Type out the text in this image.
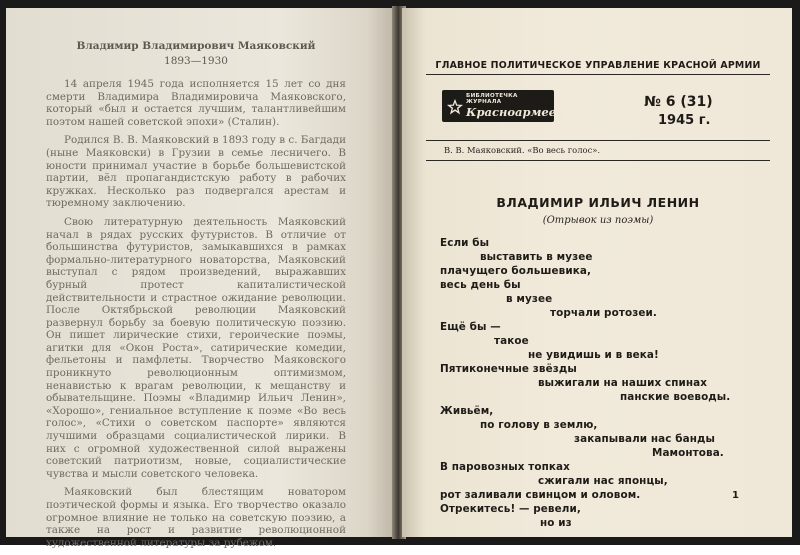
Владимир Владимирович Маяковский
1893—1930

14 апреля 1945 года исполняется 15 лет со дня смерти Владимира Владимировича Маяковского, который «был и остается лучшим, талантливейшим поэтом нашей советской эпохи» (Сталин).

Родился В. В. Маяковский в 1893 году в с. Багдади (ныне Маяковски) в Грузии в семье лесничего. В юности принимал участие в борьбе большевистской партии, вёл пропагандистскую работу в рабочих кружках. Несколько раз подвергался арестам и тюремному заключению.

Свою литературную деятельность Маяковский начал в рядах русских футуристов. В отличие от большинства футуристов, замыкавшихся в рамках формально-литературного новаторства, Маяковский выступал с рядом произведений, выражавших бурный протест капиталистической действительности и страстное ожидание революции. После Октябрьской революции Маяковский развернул борьбу за боевую политическую поэзию. Он пишет лирические стихи, героические поэмы, агитки для «Окон Роста», сатирические комедии, фельетоны и памфлеты. Творчество Маяковского проникнуто революционным оптимизмом, ненавистью к врагам революции, к мещанству и обывательщине. Поэмы «Владимир Ильич Ленин», «Хорошо», гениальное вступление к поэме «Во весь голос», «Стихи о советском паспорте» являются лучшими образцами социалистической лирики. В них с огромной художественной силой выражены советский патриотизм, новые, социалистические чувства и мысли советского человека.

Маяковский был блестящим новатором поэтической формы и языка. Его творчество оказало огромное влияние не только на советскую поэзию, а также на рост и развитие революционной художественной литературы за рубежом.

ГЛАВНОЕ ПОЛИТИЧЕСКОЕ УПРАВЛЕНИЕ КРАСНОЙ АРМИИ
БИБЛИОТЕЧКА ЖУРНАЛА
Красноармеец
№ 6 (31)
1945 г.
В. В. Маяковский. «Во весь голос».
ВЛАДИМИР ИЛЬИЧ ЛЕНИН
(Отрывок из поэмы)
Если бы
выставить в музее
плачущего большевика,
весь день бы
в музее
торчали ротозеи.
Ещё бы —
такое
не увидишь и в века!
Пятиконечные звёзды
выжигали на наших спинах
панские воеводы.
Живьём,
по голову в землю,
закапывали нас банды
Мамонтова.
В паровозных топках
сжигали нас японцы,
рот заливали свинцом и оловом.
Отрекитесь! — ревели,
но из
1
